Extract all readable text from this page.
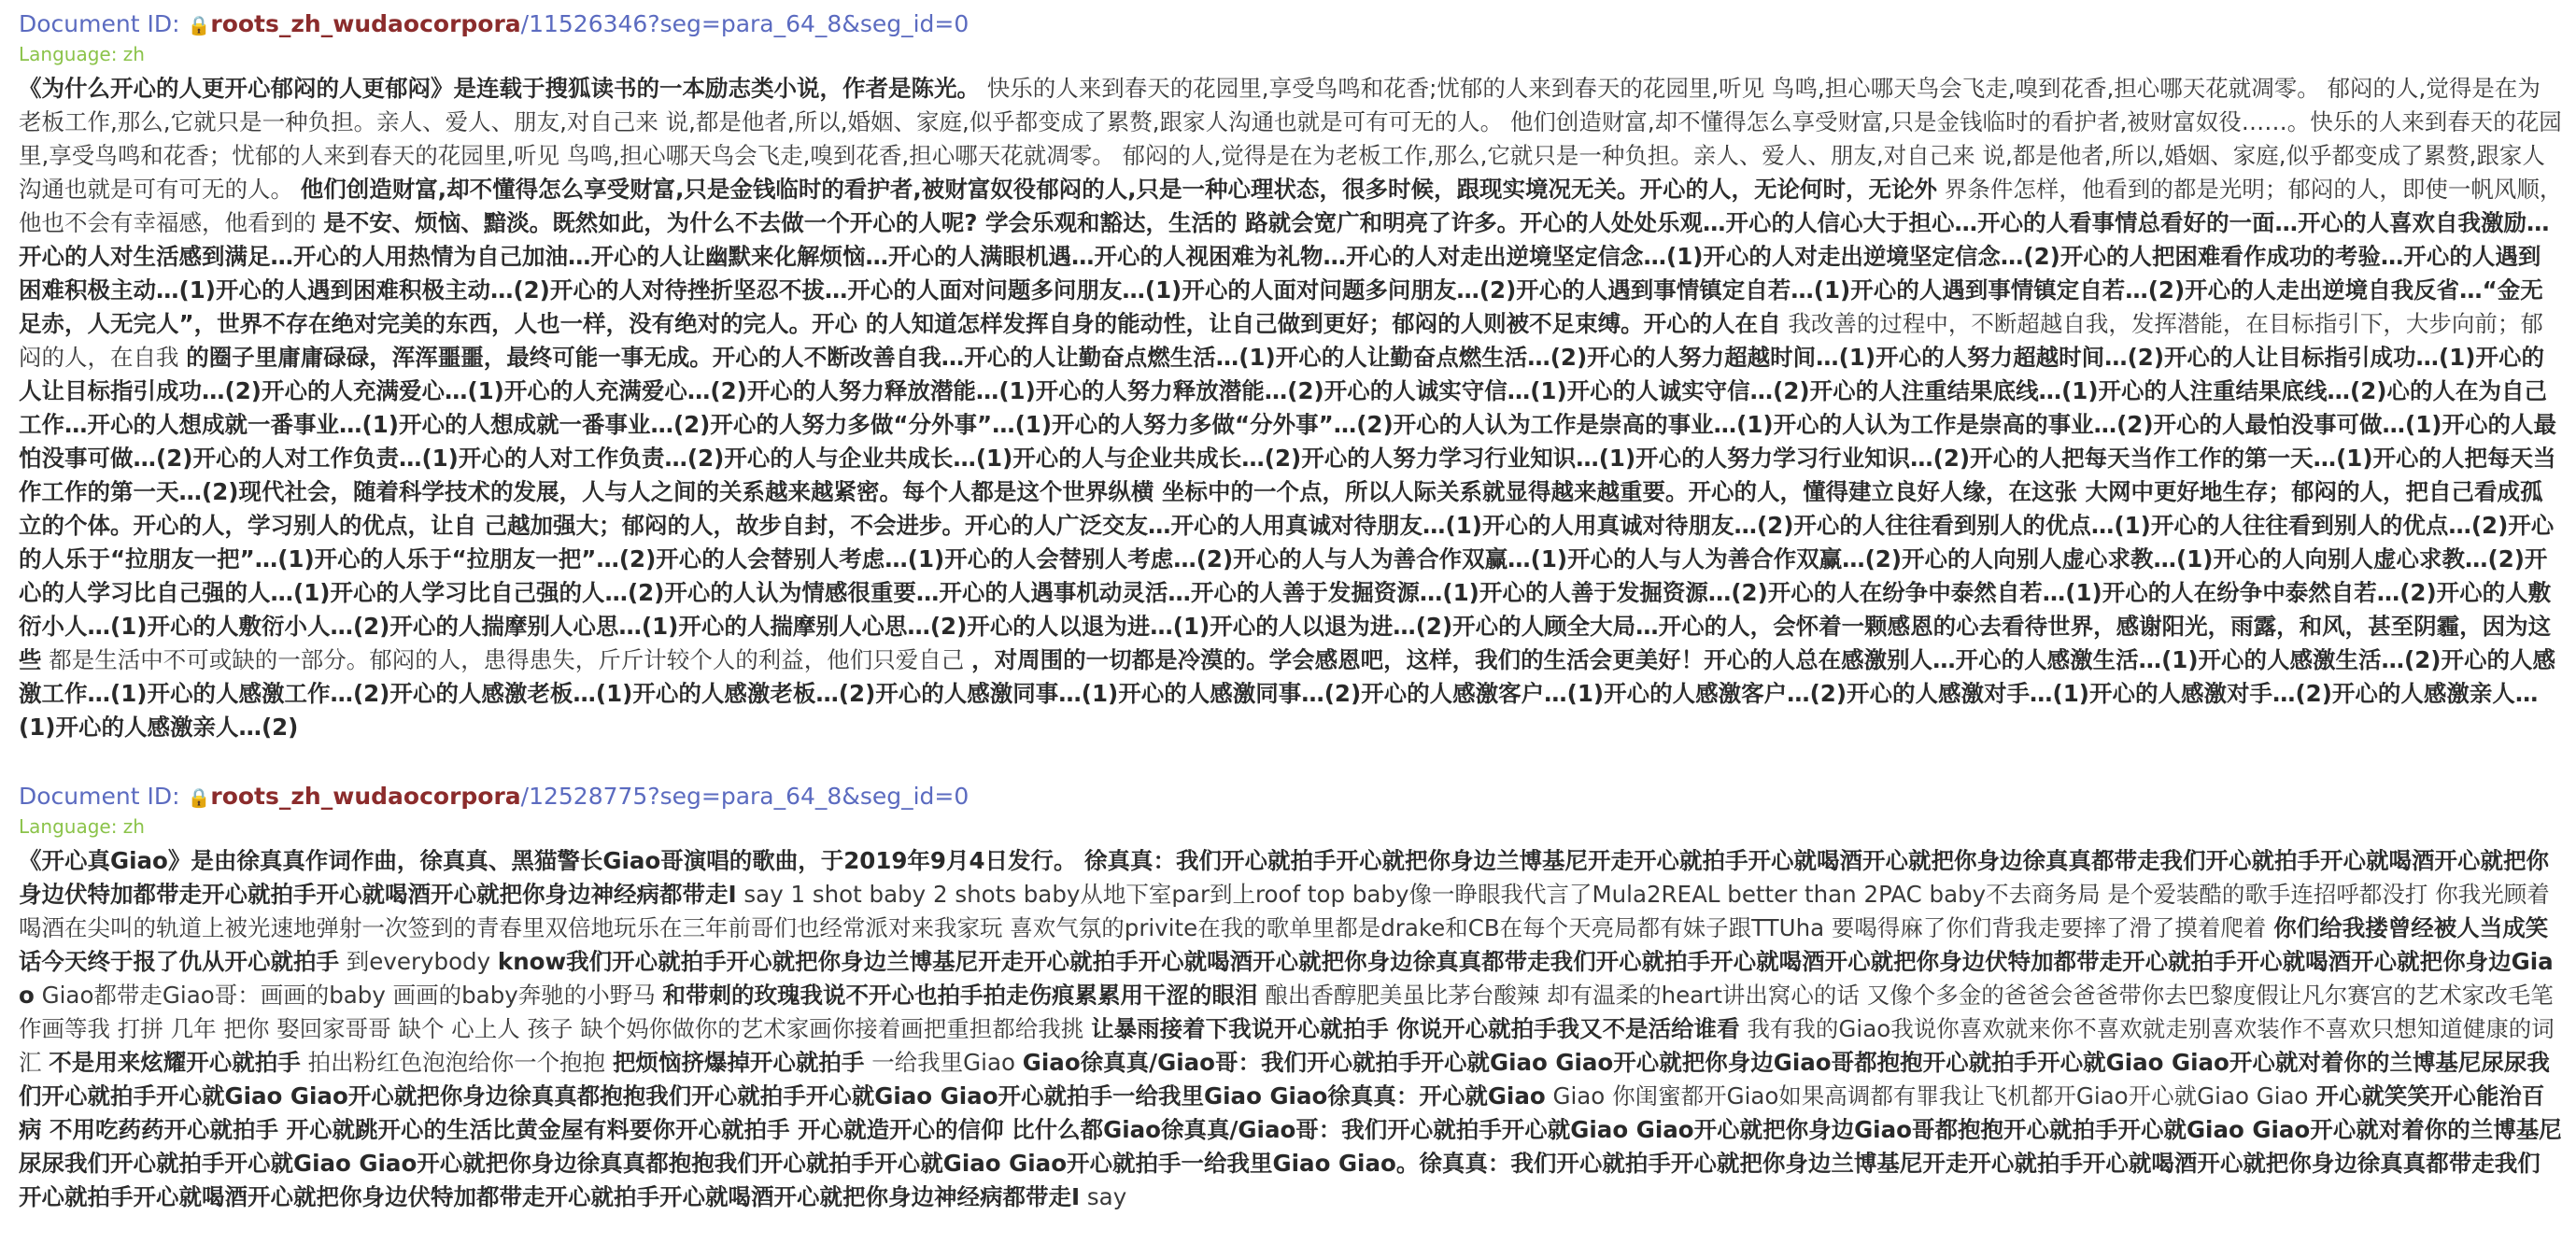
Document ID: 🔒roots_zh_wudaocorpora/11526346?seg=para_64_8&seg_id=0
Language: zh
《为什么开心的人更开心郁闷的人更郁闷》是连载于搜狐读书的一本励志类小说，作者是陈光。 快乐的人来到春天的花园里,享受鸟鸣和花香;忧郁的人来到春天的花园里,听见 鸟鸣,担心哪天鸟会飞走,嗅到花香,担心哪天花就凋零。 郁闷的人,觉得是在为老板工作,那么,它就只是一种负担。亲人、爱人、朋友,对自己来 说,都是他者,所以,婚姻、家庭,似乎都变成了累赘,跟家人沟通也就是可有可无的人。 他们创造财富,却不懂得怎么享受财富,只是金钱临时的看护者,被财富奴役……。快乐的人来到春天的花园里,享受鸟鸣和花香；忧郁的人来到春天的花园里,听见 鸟鸣,担心哪天鸟会飞走,嗅到花香,担心哪天花就凋零。 郁闷的人,觉得是在为老板工作,那么,它就只是一种负担。亲人、爱人、朋友,对自己来 说,都是他者,所以,婚姻、家庭,似乎都变成了累赘,跟家人沟通也就是可有可无的人。 他们创造财富,却不懂得怎么享受财富,只是金钱临时的看护者,被财富奴役郁闷的人,只是一种心理状态，很多时候，跟现实境况无关。开心的人，无论何时，无论外 界条件怎样，他看到的都是光明；郁闷的人，即使一帆风顺，他也不会有幸福感，他看到的 是不安、烦恼、黯淡。既然如此，为什么不去做一个开心的人呢? 学会乐观和豁达，生活的 路就会宽广和明亮了许多。开心的人处处乐观…开心的人信心大于担心…开心的人看事情总看好的一面…开心的人喜欢自我激励…开心的人对生活感到满足…开心的人用热情为自己加油…开心的人让幽默来化解烦恼…开心的人满眼机遇…开心的人视困难为礼物…开心的人对走出逆境坚定信念…(1)开心的人对走出逆境坚定信念…(2)开心的人把困难看作成功的考验…开心的人遇到困难积极主动…(1)开心的人遇到困难积极主动…(2)开心的人对待挫折坚忍不拔…开心的人面对问题多问朋友…(1)开心的人面对问题多问朋友…(2)开心的人遇到事情镇定自若…(1)开心的人遇到事情镇定自若…(2)开心的人走出逆境自我反省…“金无足赤，人无完人”，世界不存在绝对完美的东西，人也一样，没有绝对的完人。开心 的人知道怎样发挥自身的能动性，让自己做到更好；郁闷的人则被不足束缚。开心的人在自 我改善的过程中，不断超越自我，发挥潜能，在目标指引下，大步向前；郁闷的人，在自我 的圈子里庸庸碌碌，浑浑噩噩，最终可能一事无成。开心的人不断改善自我…开心的人让勤奋点燃生活…(1)开心的人让勤奋点燃生活…(2)开心的人努力超越时间…(1)开心的人努力超越时间…(2)开心的人让目标指引成功…(1)开心的人让目标指引成功…(2)开心的人充满爱心…(1)开心的人充满爱心…(2)开心的人努力释放潜能…(1)开心的人努力释放潜能…(2)开心的人诚实守信…(1)开心的人诚实守信…(2)开心的人注重结果底线…(1)开心的人注重结果底线…(2)心的人在为自己工作…开心的人想成就一番事业…(1)开心的人想成就一番事业…(2)开心的人努力多做“分外事”…(1)开心的人努力多做“分外事”…(2)开心的人认为工作是崇高的事业…(1)开心的人认为工作是崇高的事业…(2)开心的人最怕没事可做…(1)开心的人最怕没事可做…(2)开心的人对工作负责…(1)开心的人对工作负责…(2)开心的人与企业共成长…(1)开心的人与企业共成长…(2)开心的人努力学习行业知识…(1)开心的人努力学习行业知识…(2)开心的人把每天当作工作的第一天…(1)开心的人把每天当作工作的第一天…(2)现代社会，随着科学技术的发展，人与人之间的关系越来越紧密。每个人都是这个世界纵横 坐标中的一个点，所以人际关系就显得越来越重要。开心的人，懂得建立良好人缘，在这张 大网中更好地生存；郁闷的人，把自己看成孤立的个体。开心的人，学习别人的优点，让自 己越加强大；郁闷的人，故步自封，不会进步。开心的人广泛交友…开心的人用真诚对待朋友…(1)开心的人用真诚对待朋友…(2)开心的人往往看到别人的优点…(1)开心的人往往看到别人的优点…(2)开心的人乐于“拉朋友一把”…(1)开心的人乐于“拉朋友一把”…(2)开心的人会替别人考虑…(1)开心的人会替别人考虑…(2)开心的人与人为善合作双赢…(1)开心的人与人为善合作双赢…(2)开心的人向别人虚心求教…(1)开心的人向别人虚心求教…(2)开心的人学习比自己强的人…(1)开心的人学习比自己强的人…(2)开心的人认为情感很重要…开心的人遇事机动灵活…开心的人善于发掘资源…(1)开心的人善于发掘资源…(2)开心的人在纷争中泰然自若…(1)开心的人在纷争中泰然自若…(2)开心的人敷衍小人…(1)开心的人敷衍小人…(2)开心的人揣摩别人心思…(1)开心的人揣摩别人心思…(2)开心的人以退为进…(1)开心的人以退为进…(2)开心的人顾全大局…开心的人，会怀着一颗感恩的心去看待世界，感谢阳光，雨露，和风，甚至阴霾，因为这些 都是生活中不可或缺的一部分。郁闷的人，患得患失，斤斤计较个人的利益，他们只爱自己 ，对周围的一切都是冷漠的。学会感恩吧，这样，我们的生活会更美好！开心的人总在感激别人…开心的人感激生活…(1)开心的人感激生活…(2)开心的人感激工作…(1)开心的人感激工作…(2)开心的人感激老板…(1)开心的人感激老板…(2)开心的人感激同事…(1)开心的人感激同事…(2)开心的人感激客户…(1)开心的人感激客户…(2)开心的人感激对手…(1)开心的人感激对手…(2)开心的人感激亲人…(1)开心的人感激亲人…(2)
Document ID: 🔒roots_zh_wudaocorpora/12528775?seg=para_64_8&seg_id=0
Language: zh
《开心真Giao》是由徐真真作词作曲，徐真真、黑猫警长Giao哥演唱的歌曲，于2019年9月4日发行。 徐真真：我们开心就拍手开心就把你身边兰博基尼开走开心就拍手开心就喝酒开心就把你身边徐真真都带走我们开心就拍手开心就喝酒开心就把你身边伏特加都带走开心就拍手开心就喝酒开心就把你身边神经病都带走I say 1 shot baby 2 shots baby从地下室par到上roof top baby像一睁眼我代言了Mula2REAL better than 2PAC baby不去商务局 是个爱装酷的歌手连招呼都没打 你我光顾着喝酒在尖叫的轨道上被光速地弹射一次签到的青春里双倍地玩乐在三年前哥们也经常派对来我家玩 喜欢气氛的privite在我的歌单里都是drake和CB在每个天亮局都有妹子跟TTUha 要喝得麻了你们背我走要摔了滑了摸着爬着 你们给我搂曾经被人当成笑话今天终于报了仇从开心就拍手 到everybody know我们开心就拍手开心就把你身边兰博基尼开走开心就拍手开心就喝酒开心就把你身边徐真真都带走我们开心就拍手开心就喝酒开心就把你身边伏特加都带走开心就拍手开心就喝酒开心就把你身边Giao Giao都带走Giao哥：画画的baby 画画的baby奔驰的小野马 和带刺的玫瑰我说不开心也拍手拍走伤痕累累用干涩的眼泪 酿出香醇肥美虽比茅台酸辣 却有温柔的heart讲出窝心的话 又像个多金的爸爸会爸爸带你去巴黎度假让凡尔赛宫的艺术家改毛笔作画等我 打拼 几年 把你 娶回家哥哥 缺个 心上人 孩子 缺个妈你做你的艺术家画你接着画把重担都给我挑 让暴雨接着下我说开心就拍手 你说开心就拍手我又不是活给谁看 我有我的Giao我说你喜欢就来你不喜欢就走别喜欢装作不喜欢只想知道健康的词汇 不是用来炫耀开心就拍手 拍出粉红色泡泡给你一个抱抱 把烦恼挤爆掉开心就拍手 一给我里Giao Giao徐真真/Giao哥：我们开心就拍手开心就Giao Giao开心就把你身边Giao哥都抱抱开心就拍手开心就Giao Giao开心就对着你的兰博基尼尿尿我们开心就拍手开心就Giao Giao开心就把你身边徐真真都抱抱我们开心就拍手开心就Giao Giao开心就拍手一给我里Giao Giao徐真真：开心就Giao Giao 你闺蜜都开Giao如果高调都有罪我让飞机都开Giao开心就Giao Giao 开心就笑笑开心能治百病 不用吃药药开心就拍手 开心就跳开心的生活比黄金屋有料要你开心就拍手 开心就造开心的信仰 比什么都Giao徐真真/Giao哥：我们开心就拍手开心就Giao Giao开心就把你身边Giao哥都抱抱开心就拍手开心就Giao Giao开心就对着你的兰博基尼尿尿我们开心就拍手开心就Giao Giao开心就把你身边徐真真都抱抱我们开心就拍手开心就Giao Giao开心就拍手一给我里Giao Giao。徐真真：我们开心就拍手开心就把你身边兰博基尼开走开心就拍手开心就喝酒开心就把你身边徐真真都带走我们开心就拍手开心就喝酒开心就把你身边伏特加都带走开心就拍手开心就喝酒开心就把你身边神经病都带走I say
